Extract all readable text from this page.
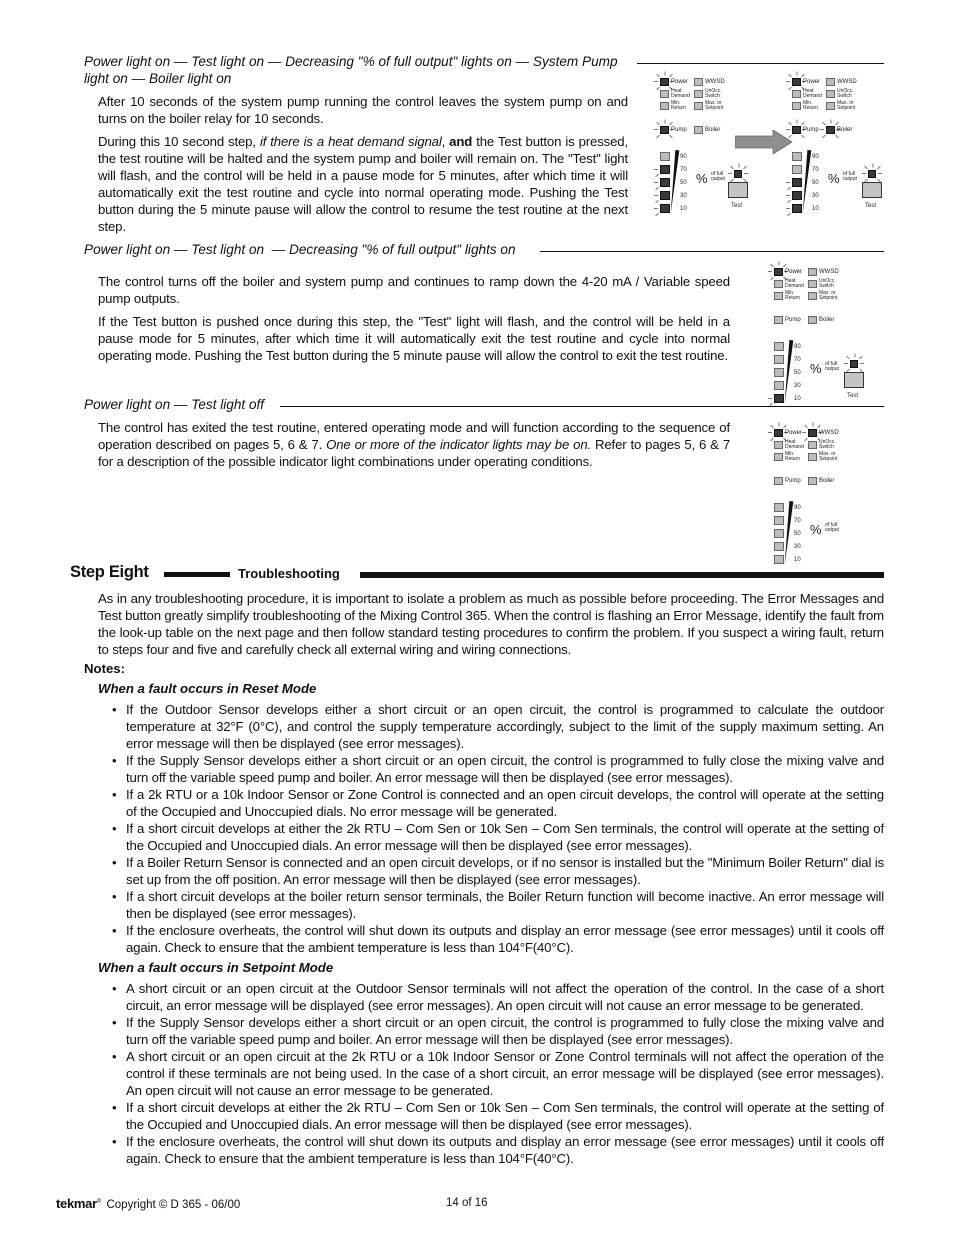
Power light on — Test light on — Decreasing "% of full output" lights on — System Pump
light on — Boiler light on

After 10 seconds of the system pump running the control leaves the system pump on and turns on the boiler relay for 10 seconds.

During this 10 second step, if there is a heat demand signal, and the Test button is pressed, the test routine will be halted and the system pump and boiler will remain on. The "Test" light will flash, and the control will be held in a pause mode for 5 minutes, after which time it will automatically exit the test routine and cycle into normal operating mode. Pushing the Test button during the 5 minute pause will allow the control to resume the test routine at the next step.

Power light on — Test light on  — Decreasing "% of full output" lights on

The control turns off the boiler and system pump and continues to ramp down the 4-20 mA / Variable speed pump outputs.

If the Test button is pushed once during this step, the "Test" light will flash, and the control will be held in a pause mode for 5 minutes, after which time it will automatically exit the test routine and cycle into normal operating mode. Pushing the Test button during the 5 minute pause will allow the control to exit the test routine.

Power light on — Test light off

The control has exited the test routine, entered operating mode and will function according to the sequence of operation described on pages 5, 6 & 7. One or more of the indicator lights may be on. Refer to pages 5, 6 & 7 for a description of the possible indicator light combinations under operating conditions.

Power	WWSD
Heat
Demand
UnOcc.
Switch
Min.
Return
Max. or
Setpoint
Pump	Boiler
90
70
50
30
10
% of full
output
Test
Power	WWSD
Heat
Demand
UnOcc.
Switch
Min.
Return
Max. or
Setpoint
Pump	Boiler
90
70
50
30
10
% of full
output
Test
Power	WWSD
Heat
Demand
UnOcc.
Switch
Min.
Return
Max. or
Setpoint
Pump	Boiler
90
70
50
30
10
% of full
output
Test
Power	WWSD
Heat
Demand
UnOcc.
Switch
Min.
Return
Max. or
Setpoint
Pump	Boiler
90
70
50
30
10
% of full
output
Step Eight	Troubleshooting
As in any troubleshooting procedure, it is important to isolate a problem as much as possible before proceeding. The Error Messages and Test button greatly simplify troubleshooting of the Mixing Control 365. When the control is flashing an Error Message, identify the fault from the look-up table on the next page and then follow standard testing procedures to confirm the problem. If you suspect a wiring fault, return to steps four and five and carefully check all external wiring and wiring connections.
Notes:
When a fault occurs in Reset Mode
• If the Outdoor Sensor develops either a short circuit or an open circuit, the control is programmed to calculate the outdoor temperature at 32°F (0°C), and control the supply temperature accordingly, subject to the limit of the supply maximum setting. An error message will then be displayed (see error messages).
• If the Supply Sensor develops either a short circuit or an open circuit, the control is programmed to fully close the mixing valve and turn off the variable speed pump and boiler. An error message will then be displayed (see error messages).
• If a 2k RTU or a 10k Indoor Sensor or Zone Control is connected and an open circuit develops, the control will operate at the setting of the Occupied and Unoccupied dials. No error message will be generated.
• If a short circuit develops at either the 2k RTU – Com Sen or 10k Sen – Com Sen terminals, the control will operate at the setting of the Occupied and Unoccupied dials. An error message will then be displayed (see error messages).
• If a Boiler Return Sensor is connected and an open circuit develops, or if no sensor is installed but the "Minimum Boiler Return" dial is set up from the off position. An error message will then be displayed (see error messages).
• If a short circuit develops at the boiler return sensor terminals, the Boiler Return function will become inactive. An error message will then be displayed (see error messages).
• If the enclosure overheats, the control will shut down its outputs and display an error message (see error messages) until it cools off again. Check to ensure that the ambient temperature is less than 104°F(40°C).
When a fault occurs in Setpoint Mode
• A short circuit or an open circuit at the Outdoor Sensor terminals will not affect the operation of the control. In the case of a short circuit, an error message will be displayed (see error messages). An open circuit will not cause an error message to be generated.
• If the Supply Sensor develops either a short circuit or an open circuit, the control is programmed to fully close the mixing valve and turn off the variable speed pump and boiler. An error message will then be displayed (see error messages).
• A short circuit or an open circuit at the 2k RTU or a 10k Indoor Sensor or Zone Control terminals will not affect the operation of the control if these terminals are not being used. In the case of a short circuit, an error message will be displayed (see error messages). An open circuit will not cause an error message to be generated.
• If a short circuit develops at either the 2k RTU – Com Sen or 10k Sen – Com Sen terminals, the control will operate at the setting of the Occupied and Unoccupied dials. An error message will then be displayed (see error messages).
• If the enclosure overheats, the control will shut down its outputs and display an error message (see error messages) until it cools off again. Check to ensure that the ambient temperature is less than 104°F(40°C).
tekmar® Copyright © D 365 - 06/00	14 of 16
